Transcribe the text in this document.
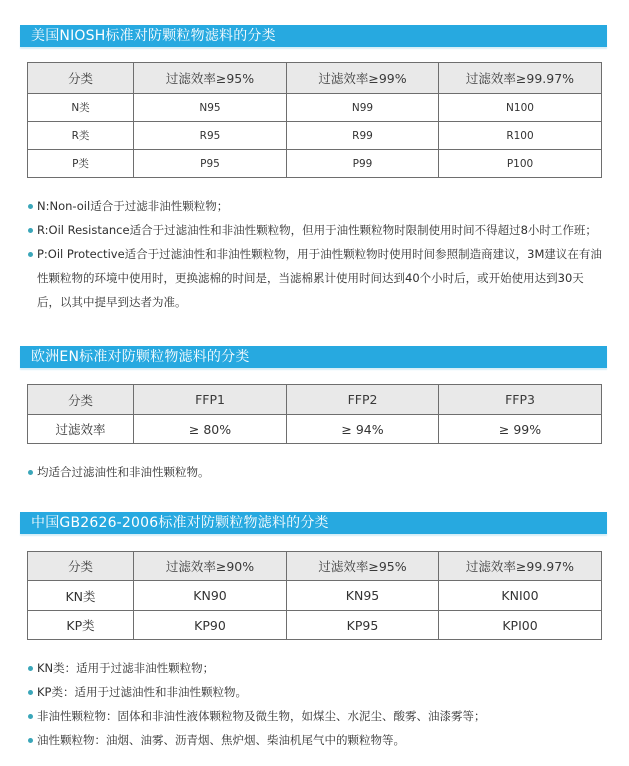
美国NIOSH标准对防颗粒物滤料的分类
分类	过滤效率≥95%	过滤效率≥99%	过滤效率≥99.97%
N类	N95	N99	N100
R类	R95	R99	R100
P类	P95	P99	P100
N:Non-oil适合于过滤非油性颗粒物；
R:Oil Resistance适合于过滤油性和非油性颗粒物，但用于油性颗粒物时限制使用时间不得超过8小时工作班；
P:Oil Protective适合于过滤油性和非油性颗粒物，用于油性颗粒物时使用时间参照制造商建议，3M建议在有油性颗粒物的环境中使用时，更换滤棉的时间是，当滤棉累计使用时间达到40个小时后，或开始使用达到30天后，以其中提早到达者为准。
欧洲EN标准对防颗粒物滤料的分类
分类	FFP1	FFP2	FFP3
过滤效率	≥ 80%	≥ 94%	≥ 99%
均适合过滤油性和非油性颗粒物。
中国GB2626-2006标准对防颗粒物滤料的分类
分类	过滤效率≥90%	过滤效率≥95%	过滤效率≥99.97%
KN类	KN90	KN95	KNI00
KP类	KP90	KP95	KPI00
KN类：适用于过滤非油性颗粒物；
KP类：适用于过滤油性和非油性颗粒物。
非油性颗粒物：固体和非油性液体颗粒物及微生物，如煤尘、水泥尘、酸雾、油漆雾等；
油性颗粒物：油烟、油雾、沥青烟、焦炉烟、柴油机尾气中的颗粒物等。
